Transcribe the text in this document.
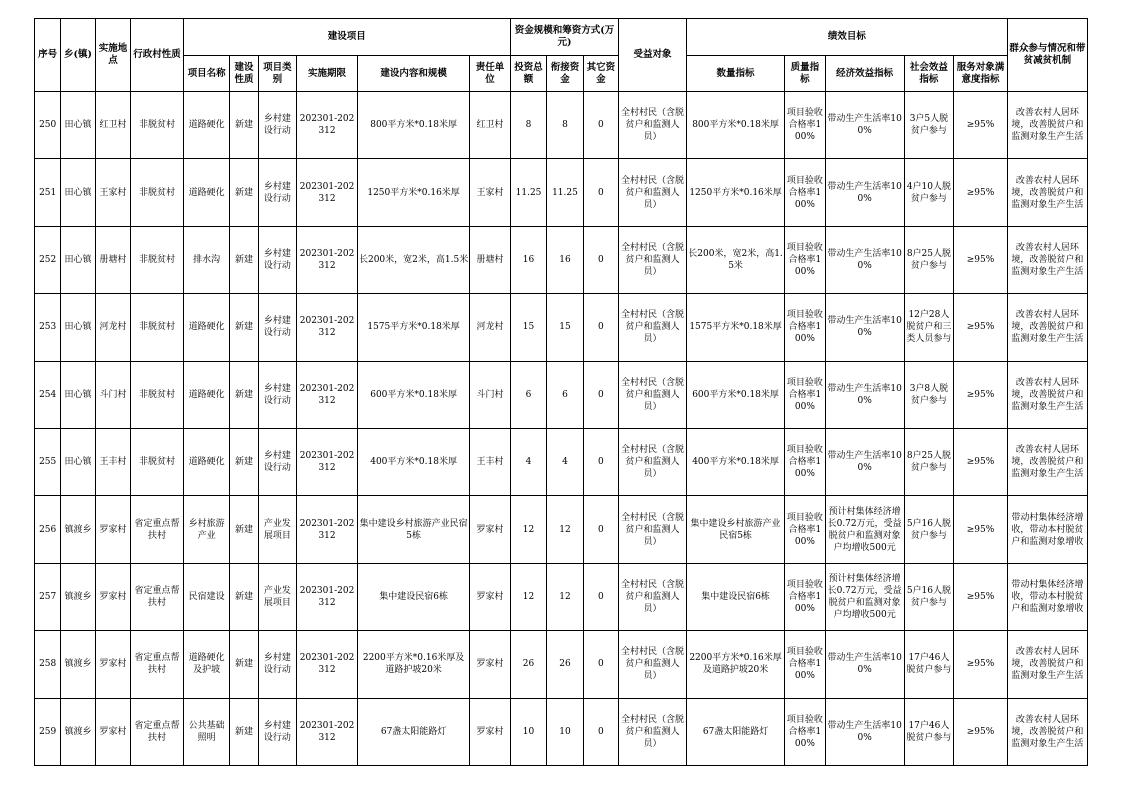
序号	乡(镇)	实施地点	行政村性质	建设项目						资金规模和筹资方式(万元)			受益对象	绩效目标					群众参与情况和带贫减贫机制
				项目名称	建设性质	项目类别	实施期限	建设内容和规模	责任单位	投资总额	衔接资金	其它资金		数量指标	质量指标	经济效益指标	社会效益指标	服务对象满意度指标	
250	田心镇	红卫村	非脱贫村	道路硬化	新建	乡村建设行动	202301-202312	800平方米*0.18米厚	红卫村	8	8	0	全村村民（含脱贫户和监测人员）	800平方米*0.18米厚	项目验收合格率100%	带动生产生活率100%	3户5人脱贫户参与	≥95%	改善农村人居环境，改善脱贫户和监测对象生产生活
251	田心镇	王家村	非脱贫村	道路硬化	新建	乡村建设行动	202301-202312	1250平方米*0.16米厚	王家村	11.25	11.25	0	全村村民（含脱贫户和监测人员）	1250平方米*0.16米厚	项目验收合格率100%	带动生产生活率100%	4户10人脱贫户参与	≥95%	改善农村人居环境，改善脱贫户和监测对象生产生活
252	田心镇	册塘村	非脱贫村	排水沟	新建	乡村建设行动	202301-202312	长200米，宽2米，高1.5米	册塘村	16	16	0	全村村民（含脱贫户和监测人员）	长200米，宽2米，高1.5米	项目验收合格率100%	带动生产生活率100%	8户25人脱贫户参与	≥95%	改善农村人居环境，改善脱贫户和监测对象生产生活
253	田心镇	河龙村	非脱贫村	道路硬化	新建	乡村建设行动	202301-202312	1575平方米*0.18米厚	河龙村	15	15	0	全村村民（含脱贫户和监测人员）	1575平方米*0.18米厚	项目验收合格率100%	带动生产生活率100%	12户28人脱贫户和三类人员参与	≥95%	改善农村人居环境，改善脱贫户和监测对象生产生活
254	田心镇	斗门村	非脱贫村	道路硬化	新建	乡村建设行动	202301-202312	600平方米*0.18米厚	斗门村	6	6	0	全村村民（含脱贫户和监测人员）	600平方米*0.18米厚	项目验收合格率100%	带动生产生活率100%	3户8人脱贫户参与	≥95%	改善农村人居环境，改善脱贫户和监测对象生产生活
255	田心镇	王丰村	非脱贫村	道路硬化	新建	乡村建设行动	202301-202312	400平方米*0.18米厚	王丰村	4	4	0	全村村民（含脱贫户和监测人员）	400平方米*0.18米厚	项目验收合格率100%	带动生产生活率100%	8户25人脱贫户参与	≥95%	改善农村人居环境，改善脱贫户和监测对象生产生活
256	镇渡乡	罗家村	省定重点帮扶村	乡村旅游产业	新建	产业发展项目	202301-202312	集中建设乡村旅游产业民宿5栋	罗家村	12	12	0	全村村民（含脱贫户和监测人员）	集中建设乡村旅游产业民宿5栋	项目验收合格率100%	预计村集体经济增长0.72万元，受益脱贫户和监测对象户均增收500元	5户16人脱贫户参与	≥95%	带动村集体经济增收，带动本村脱贫户和监测对象增收
257	镇渡乡	罗家村	省定重点帮扶村	民宿建设	新建	产业发展项目	202301-202312	集中建设民宿6栋	罗家村	12	12	0	全村村民（含脱贫户和监测人员）	集中建设民宿6栋	项目验收合格率100%	预计村集体经济增长0.72万元，受益脱贫户和监测对象户均增收500元	5户16人脱贫户参与	≥95%	带动村集体经济增收，带动本村脱贫户和监测对象增收
258	镇渡乡	罗家村	省定重点帮扶村	道路硬化及护坡	新建	乡村建设行动	202301-202312	2200平方米*0.16米厚及道路护坡20米	罗家村	26	26	0	全村村民（含脱贫户和监测人员）	2200平方米*0.16米厚及道路护坡20米	项目验收合格率100%	带动生产生活率100%	17户46人脱贫户参与	≥95%	改善农村人居环境，改善脱贫户和监测对象生产生活
259	镇渡乡	罗家村	省定重点帮扶村	公共基础照明	新建	乡村建设行动	202301-202312	67盏太阳能路灯	罗家村	10	10	0	全村村民（含脱贫户和监测人员）	67盏太阳能路灯	项目验收合格率100%	带动生产生活率100%	17户46人脱贫户参与	≥95%	改善农村人居环境，改善脱贫户和监测对象生产生活
